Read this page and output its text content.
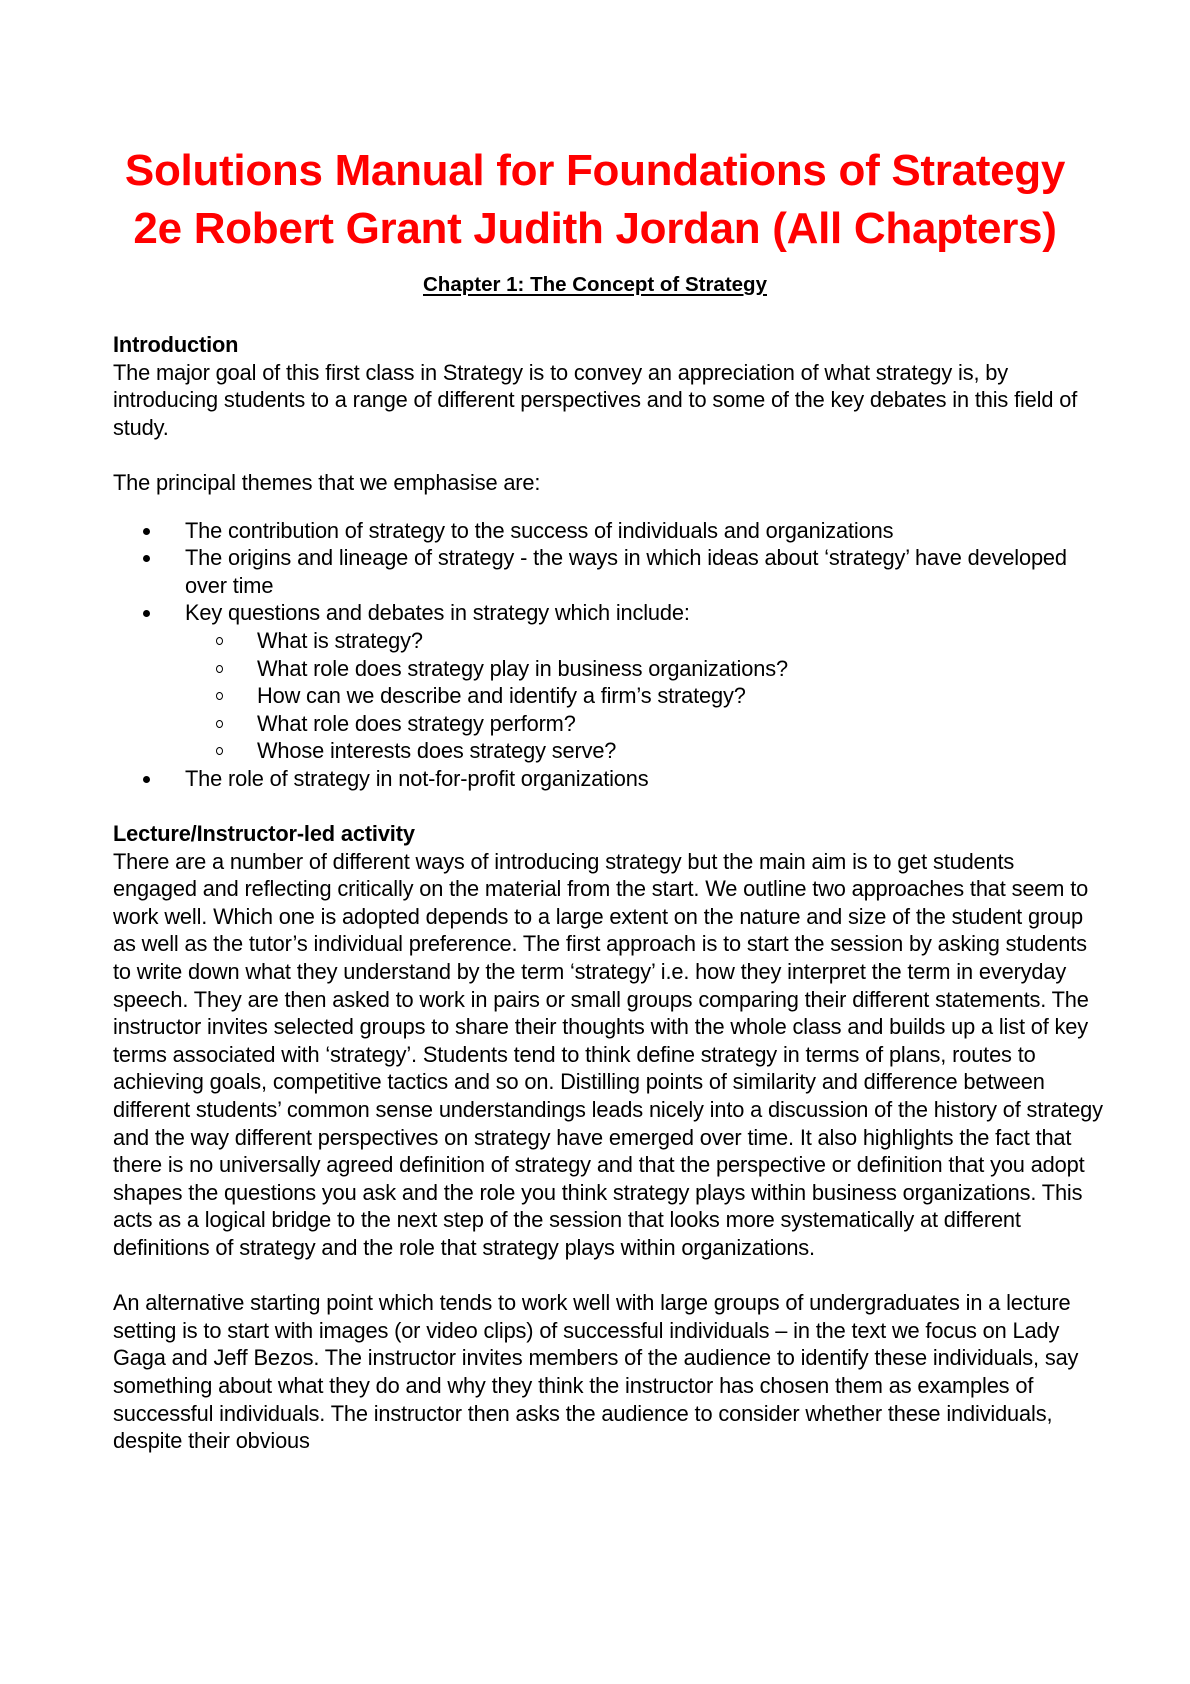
Solutions Manual for Foundations of Strategy
2e Robert Grant Judith Jordan (All Chapters)
Chapter 1: The Concept of Strategy
Introduction

The major goal of this first class in Strategy is to convey an appreciation of what strategy is, by introducing students to a range of different perspectives and to some of the key debates in this field of study.

The principal themes that we emphasise are:

The contribution of strategy to the success of individuals and organizations
The origins and lineage of strategy - the ways in which ideas about ‘strategy’ have developed over time
Key questions and debates in strategy which include:
What is strategy?
What role does strategy play in business organizations?
How can we describe and identify a firm’s strategy?
What role does strategy perform?
Whose interests does strategy serve?
The role of strategy in not-for-profit organizations
Lecture/Instructor-led activity

There are a number of different ways of introducing strategy but the main aim is to get students engaged and reflecting critically on the material from the start. We outline two approaches that seem to work well. Which one is adopted depends to a large extent on the nature and size of the student group as well as the tutor’s individual preference. The first approach is to start the session by asking students to write down what they understand by the term ‘strategy’ i.e. how they interpret the term in everyday speech. They are then asked to work in pairs or small groups comparing their different statements. The instructor invites selected groups to share their thoughts with the whole class and builds up a list of key terms associated with ‘strategy’. Students tend to think define strategy in terms of plans, routes to achieving goals, competitive tactics and so on. Distilling points of similarity and difference between different students’ common sense understandings leads nicely into a discussion of the history of strategy and the way different perspectives on strategy have emerged over time. It also highlights the fact that there is no universally agreed definition of strategy and that the perspective or definition that you adopt shapes the questions you ask and the role you think strategy plays within business organizations. This acts as a logical bridge to the next step of the session that looks more systematically at different definitions of strategy and the role that strategy plays within organizations.

An alternative starting point which tends to work well with large groups of undergraduates in a lecture setting is to start with images (or video clips) of successful individuals – in the text we focus on Lady Gaga and Jeff Bezos. The instructor invites members of the audience to identify these individuals, say something about what they do and why they think the instructor has chosen them as examples of successful individuals. The instructor then asks the audience to consider whether these individuals, despite their obvious
